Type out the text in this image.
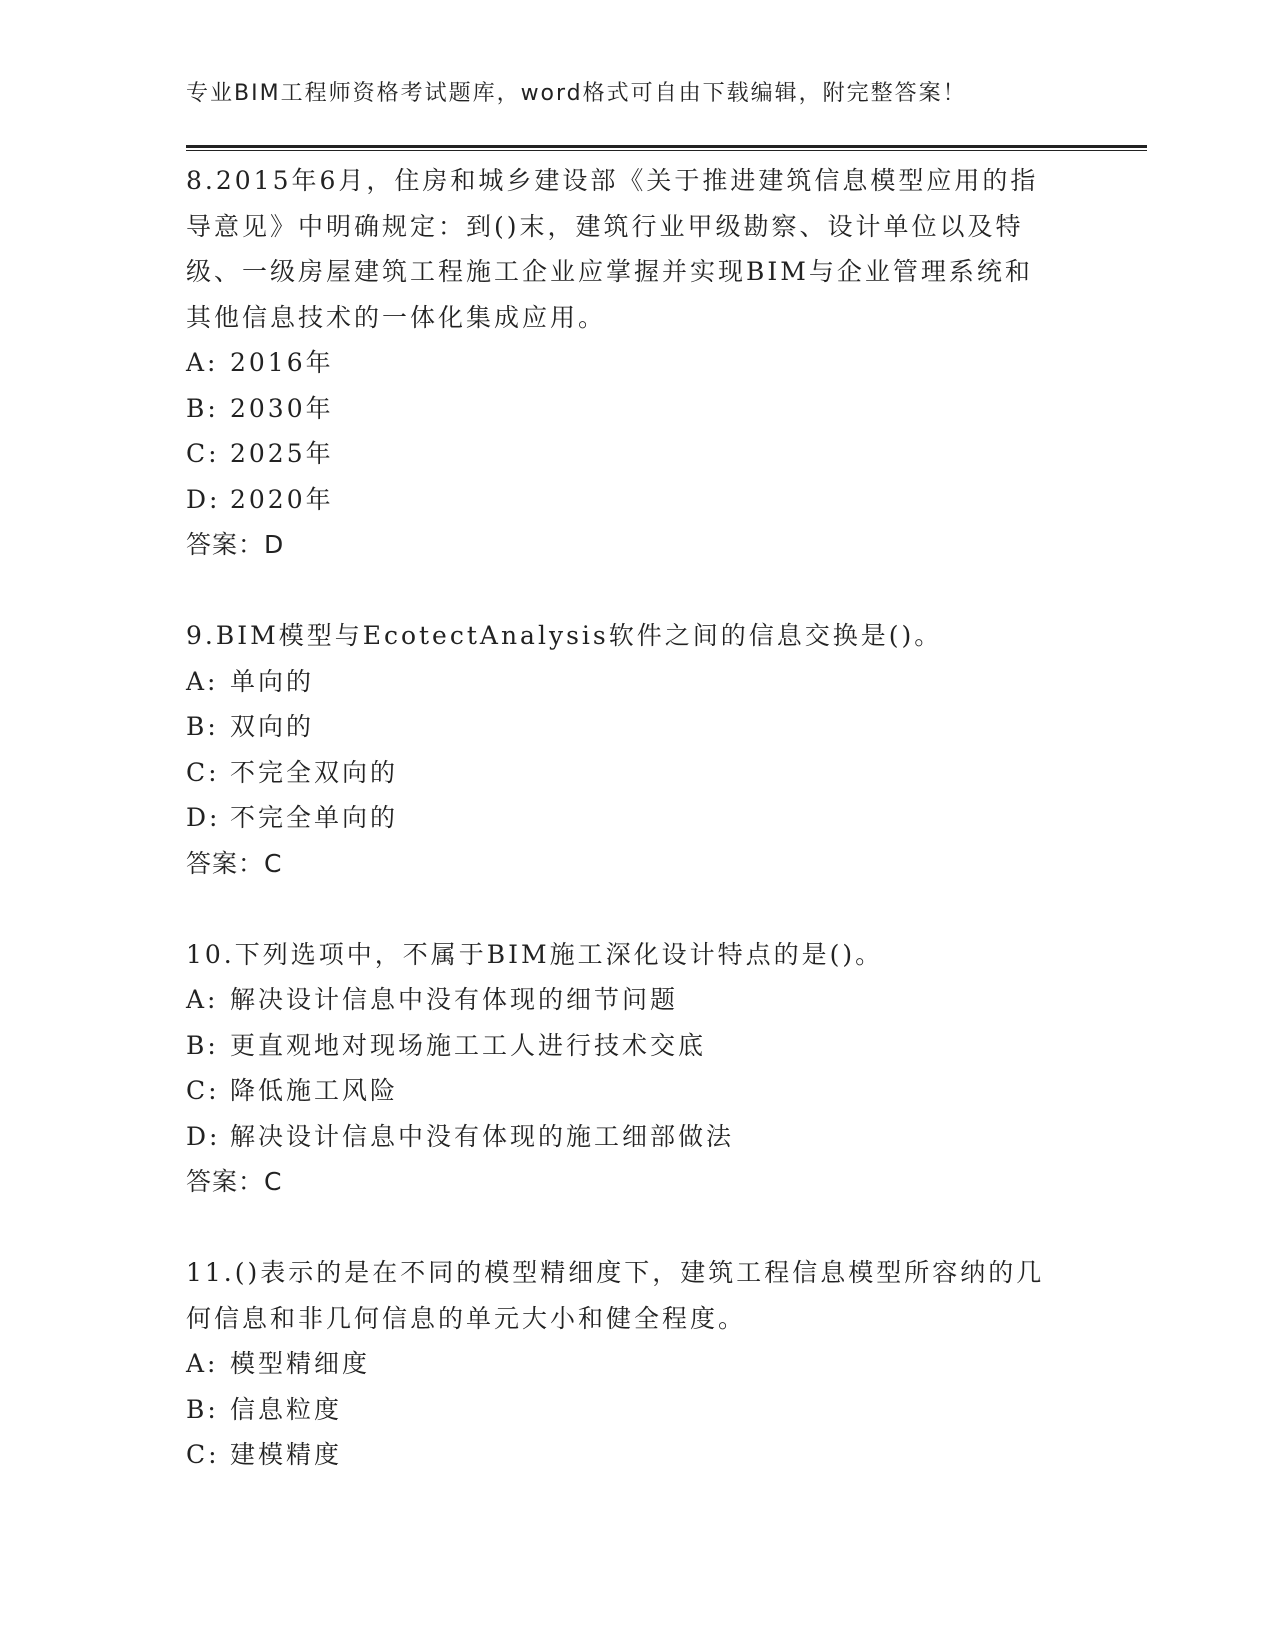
专业BIM工程师资格考试题库，word格式可自由下载编辑，附完整答案！
8.2015年6月，住房和城乡建设部《关于推进建筑信息模型应用的指
导意见》中明确规定：到()末，建筑行业甲级勘察、设计单位以及特
级、一级房屋建筑工程施工企业应掌握并实现BIM与企业管理系统和
其他信息技术的一体化集成应用。
A: 2016年
B: 2030年
C: 2025年
D: 2020年
答案：D
9.BIM模型与EcotectAnalysis软件之间的信息交换是()。
A: 单向的
B: 双向的
C: 不完全双向的
D: 不完全单向的
答案：C
10.下列选项中，不属于BIM施工深化设计特点的是()。
A: 解决设计信息中没有体现的细节问题
B: 更直观地对现场施工工人进行技术交底
C: 降低施工风险
D: 解决设计信息中没有体现的施工细部做法
答案：C
11.()表示的是在不同的模型精细度下，建筑工程信息模型所容纳的几
何信息和非几何信息的单元大小和健全程度。
A: 模型精细度
B: 信息粒度
C: 建模精度
